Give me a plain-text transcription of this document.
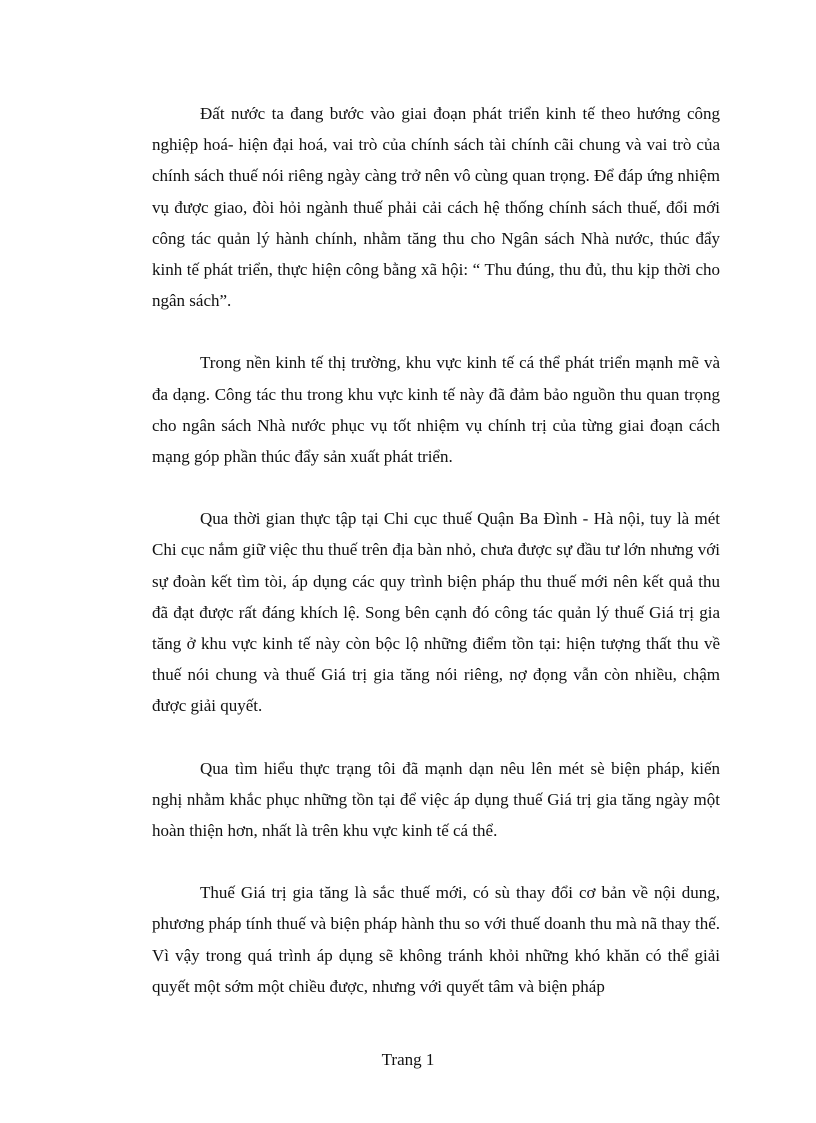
Đất nước ta đang bước vào giai đoạn phát triển kinh tế theo hướng công nghiệp hoá- hiện đại hoá, vai trò của chính sách tài chính cãi chung và vai trò của chính sách thuế nói riêng ngày càng trở nên vô cùng quan trọng. Để đáp ứng nhiệm vụ được giao, đòi hỏi ngành thuế phải cải cách hệ thống chính sách thuế, đổi mới công tác quản lý hành chính, nhằm tăng thu cho Ngân sách Nhà nước, thúc đẩy kinh tế phát triển, thực hiện công bằng xã hội: “ Thu đúng, thu đủ, thu kịp thời cho ngân sách”.

Trong nền kinh tế thị trường, khu vực kinh tế cá thể phát triển mạnh mẽ và đa dạng. Công tác thu trong khu vực kinh tế này đã đảm bảo nguồn thu quan trọng cho ngân sách Nhà nước phục vụ tốt nhiệm vụ chính trị của từng giai đoạn cách mạng góp phần thúc đẩy sản xuất phát triển.

Qua thời gian thực tập tại Chi cục thuế Quận Ba Đình - Hà nội, tuy là mét Chi cục nắm giữ việc thu thuế trên địa bàn nhỏ, chưa được sự đầu tư lớn nhưng với sự đoàn kết tìm tòi, áp dụng các quy trình biện pháp thu thuế mới nên kết quả thu đã đạt được rất đáng khích lệ. Song bên cạnh đó công tác quản lý thuế Giá trị gia tăng ở khu vực kinh tế này còn bộc lộ những điểm tồn tại: hiện tượng thất thu về thuế nói chung và thuế Giá trị gia tăng nói riêng, nợ đọng vẫn còn nhiều, chậm được giải quyết.

Qua tìm hiểu thực trạng tôi đã mạnh dạn nêu lên mét sè biện pháp, kiến nghị nhằm khắc phục những tồn tại để việc áp dụng thuế Giá trị gia tăng ngày một hoàn thiện hơn, nhất là trên khu vực kinh tế cá thể.

Thuế Giá trị gia tăng là sắc thuế mới, có sù thay đổi cơ bản về nội dung, phương pháp tính thuế và biện pháp hành thu so với thuế doanh thu mà nã thay thế. Vì vậy trong quá trình áp dụng sẽ không tránh khỏi những khó khăn có thể giải quyết một sớm một chiều được, nhưng với quyết tâm và biện pháp

Trang 1
